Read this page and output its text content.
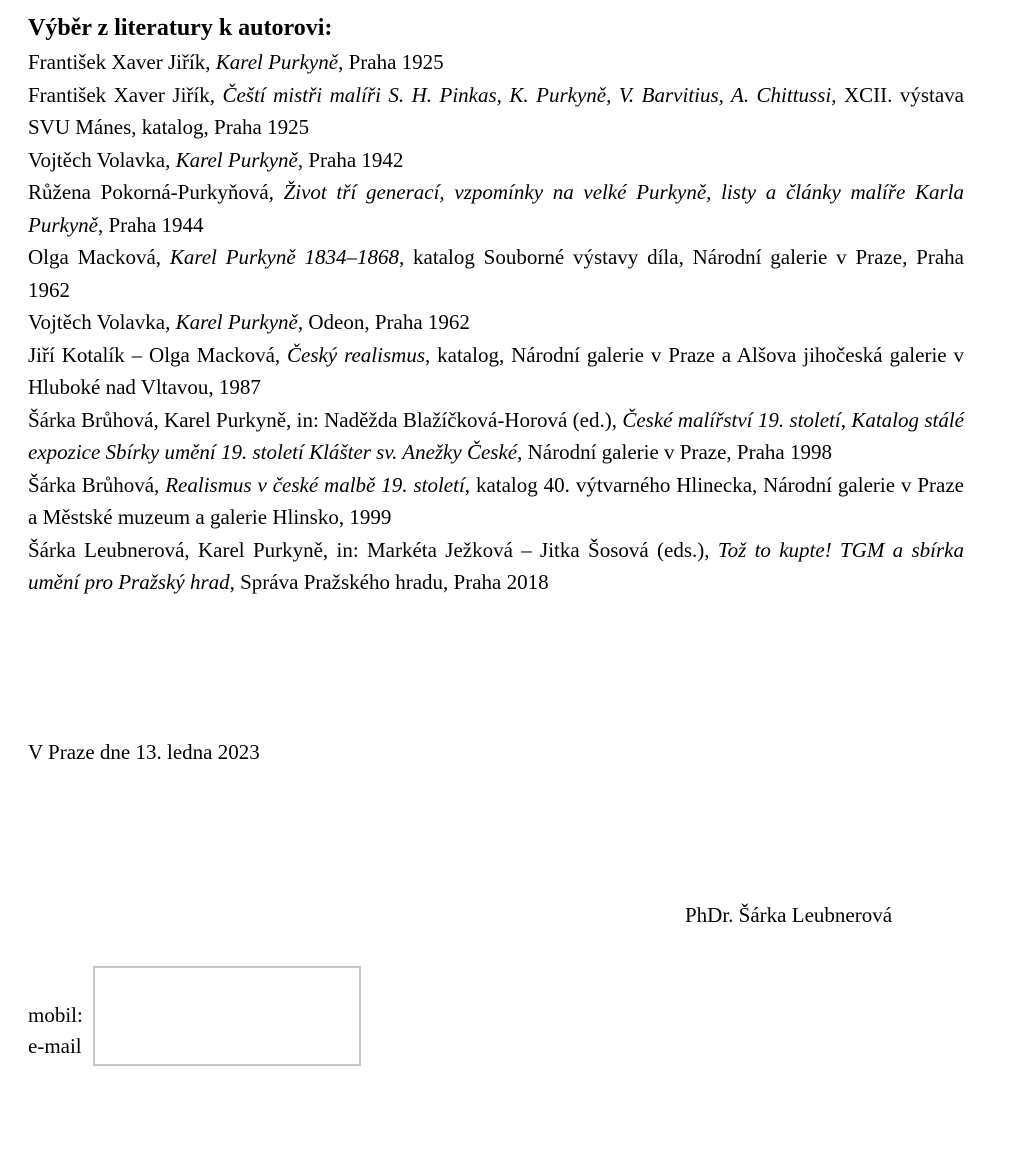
Výběr z literatury k autorovi:

František Xaver Jiřík, Karel Purkyně, Praha 1925

František Xaver Jiřík, Čeští mistři malíři S. H. Pinkas, K. Purkyně, V. Barvitius, A. Chittussi, XCII. výstava SVU Mánes, katalog, Praha 1925

Vojtěch Volavka, Karel Purkyně, Praha 1942

Růžena Pokorná-Purkyňová, Život tří generací, vzpomínky na velké Purkyně, listy a články malíře Karla Purkyně, Praha 1944

Olga Macková, Karel Purkyně 1834–1868, katalog Souborné výstavy díla, Národní galerie v Praze, Praha 1962

Vojtěch Volavka, Karel Purkyně, Odeon, Praha 1962

Jiří Kotalík – Olga Macková, Český realismus, katalog, Národní galerie v Praze a Alšova jihočeská galerie v Hluboké nad Vltavou, 1987

Šárka Brůhová, Karel Purkyně, in: Naděžda Blažíčková-Horová (ed.), České malířství 19. století, Katalog stálé expozice Sbírky umění 19. století Klášter sv. Anežky České, Národní galerie v Praze, Praha 1998

Šárka Brůhová, Realismus v české malbě 19. století, katalog 40. výtvarného Hlinecka, Národní galerie v Praze a Městské muzeum a galerie Hlinsko, 1999

Šárka Leubnerová, Karel Purkyně, in: Markéta Ježková – Jitka Šosová (eds.), Tož to kupte! TGM a sbírka umění pro Pražský hrad, Správa Pražského hradu, Praha 2018

V Praze dne 13. ledna 2023
PhDr. Šárka Leubnerová
mobil:
e-mail
